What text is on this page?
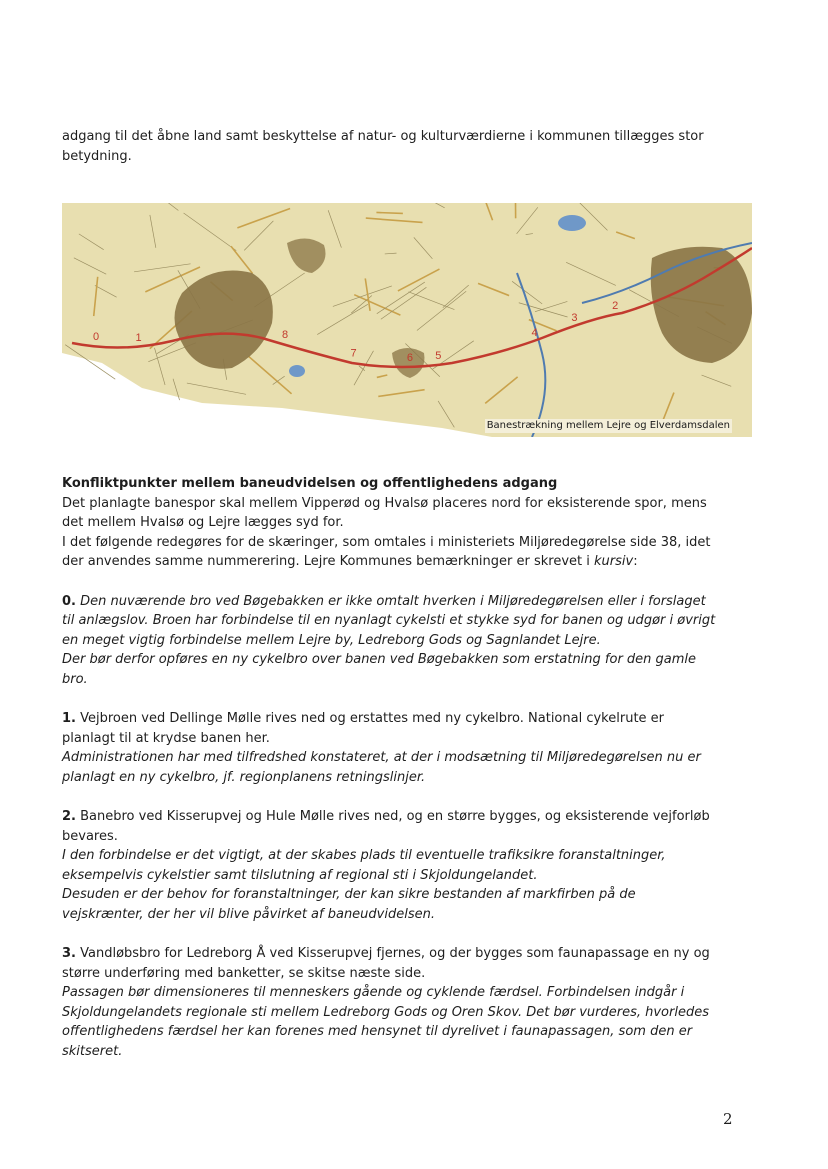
adgang til det åbne land samt beskyttelse af natur- og kulturværdierne i kommunen tillægges stor

betydning.

0	1
2
3
4
5
6
7
8
Banestrækning mellem Lejre og Elverdamsdalen
Konfliktpunkter mellem baneudvidelsen og offentlighedens adgang

Det planlagte banespor skal mellem Vipperød og Hvalsø placeres nord for eksisterende spor, mens

det mellem Hvalsø og Lejre lægges syd for.

I det følgende redegøres for de skæringer, som omtales i ministeriets Miljøredegørelse side 38, idet

der anvendes samme nummerering. Lejre Kommunes bemærkninger er skrevet i kursiv:

0. Den nuværende bro ved Bøgebakken er ikke omtalt hverken i Miljøredegørelsen eller i forslaget

til anlægslov. Broen har forbindelse til en nyanlagt cykelsti et stykke syd for banen og udgør i øvrigt

en meget vigtig forbindelse mellem Lejre by, Ledreborg Gods og Sagnlandet Lejre.

Der bør derfor opføres en ny cykelbro over banen ved Bøgebakken som erstatning for den gamle

bro.

1. Vejbroen ved Dellinge Mølle rives ned og erstattes med ny cykelbro. National cykelrute er

planlagt til at krydse banen her.

Administrationen har med tilfredshed konstateret, at der i modsætning til Miljøredegørelsen nu er

planlagt en ny cykelbro, jf. regionplanens retningslinjer.

2. Banebro ved Kisserupvej og Hule Mølle rives ned, og en større bygges, og eksisterende vejforløb

bevares.

I den forbindelse er det vigtigt, at der skabes plads til eventuelle trafiksikre foranstaltninger,

eksempelvis cykelstier samt tilslutning af regional sti i Skjoldungelandet.

Desuden er der behov for foranstaltninger, der kan sikre bestanden af markfirben på de

vejskrænter, der her vil blive påvirket af baneudvidelsen.

3. Vandløbsbro for Ledreborg Å ved Kisserupvej fjernes, og der bygges som faunapassage en ny og

større underføring med banketter, se skitse næste side.

Passagen bør dimensioneres til menneskers gående og cyklende færdsel. Forbindelsen indgår i

Skjoldungelandets regionale sti mellem Ledreborg Gods og Oren Skov. Det bør vurderes, hvorledes

offentlighedens færdsel her kan forenes med hensynet til dyrelivet i faunapassagen, som den er

skitseret.

2
